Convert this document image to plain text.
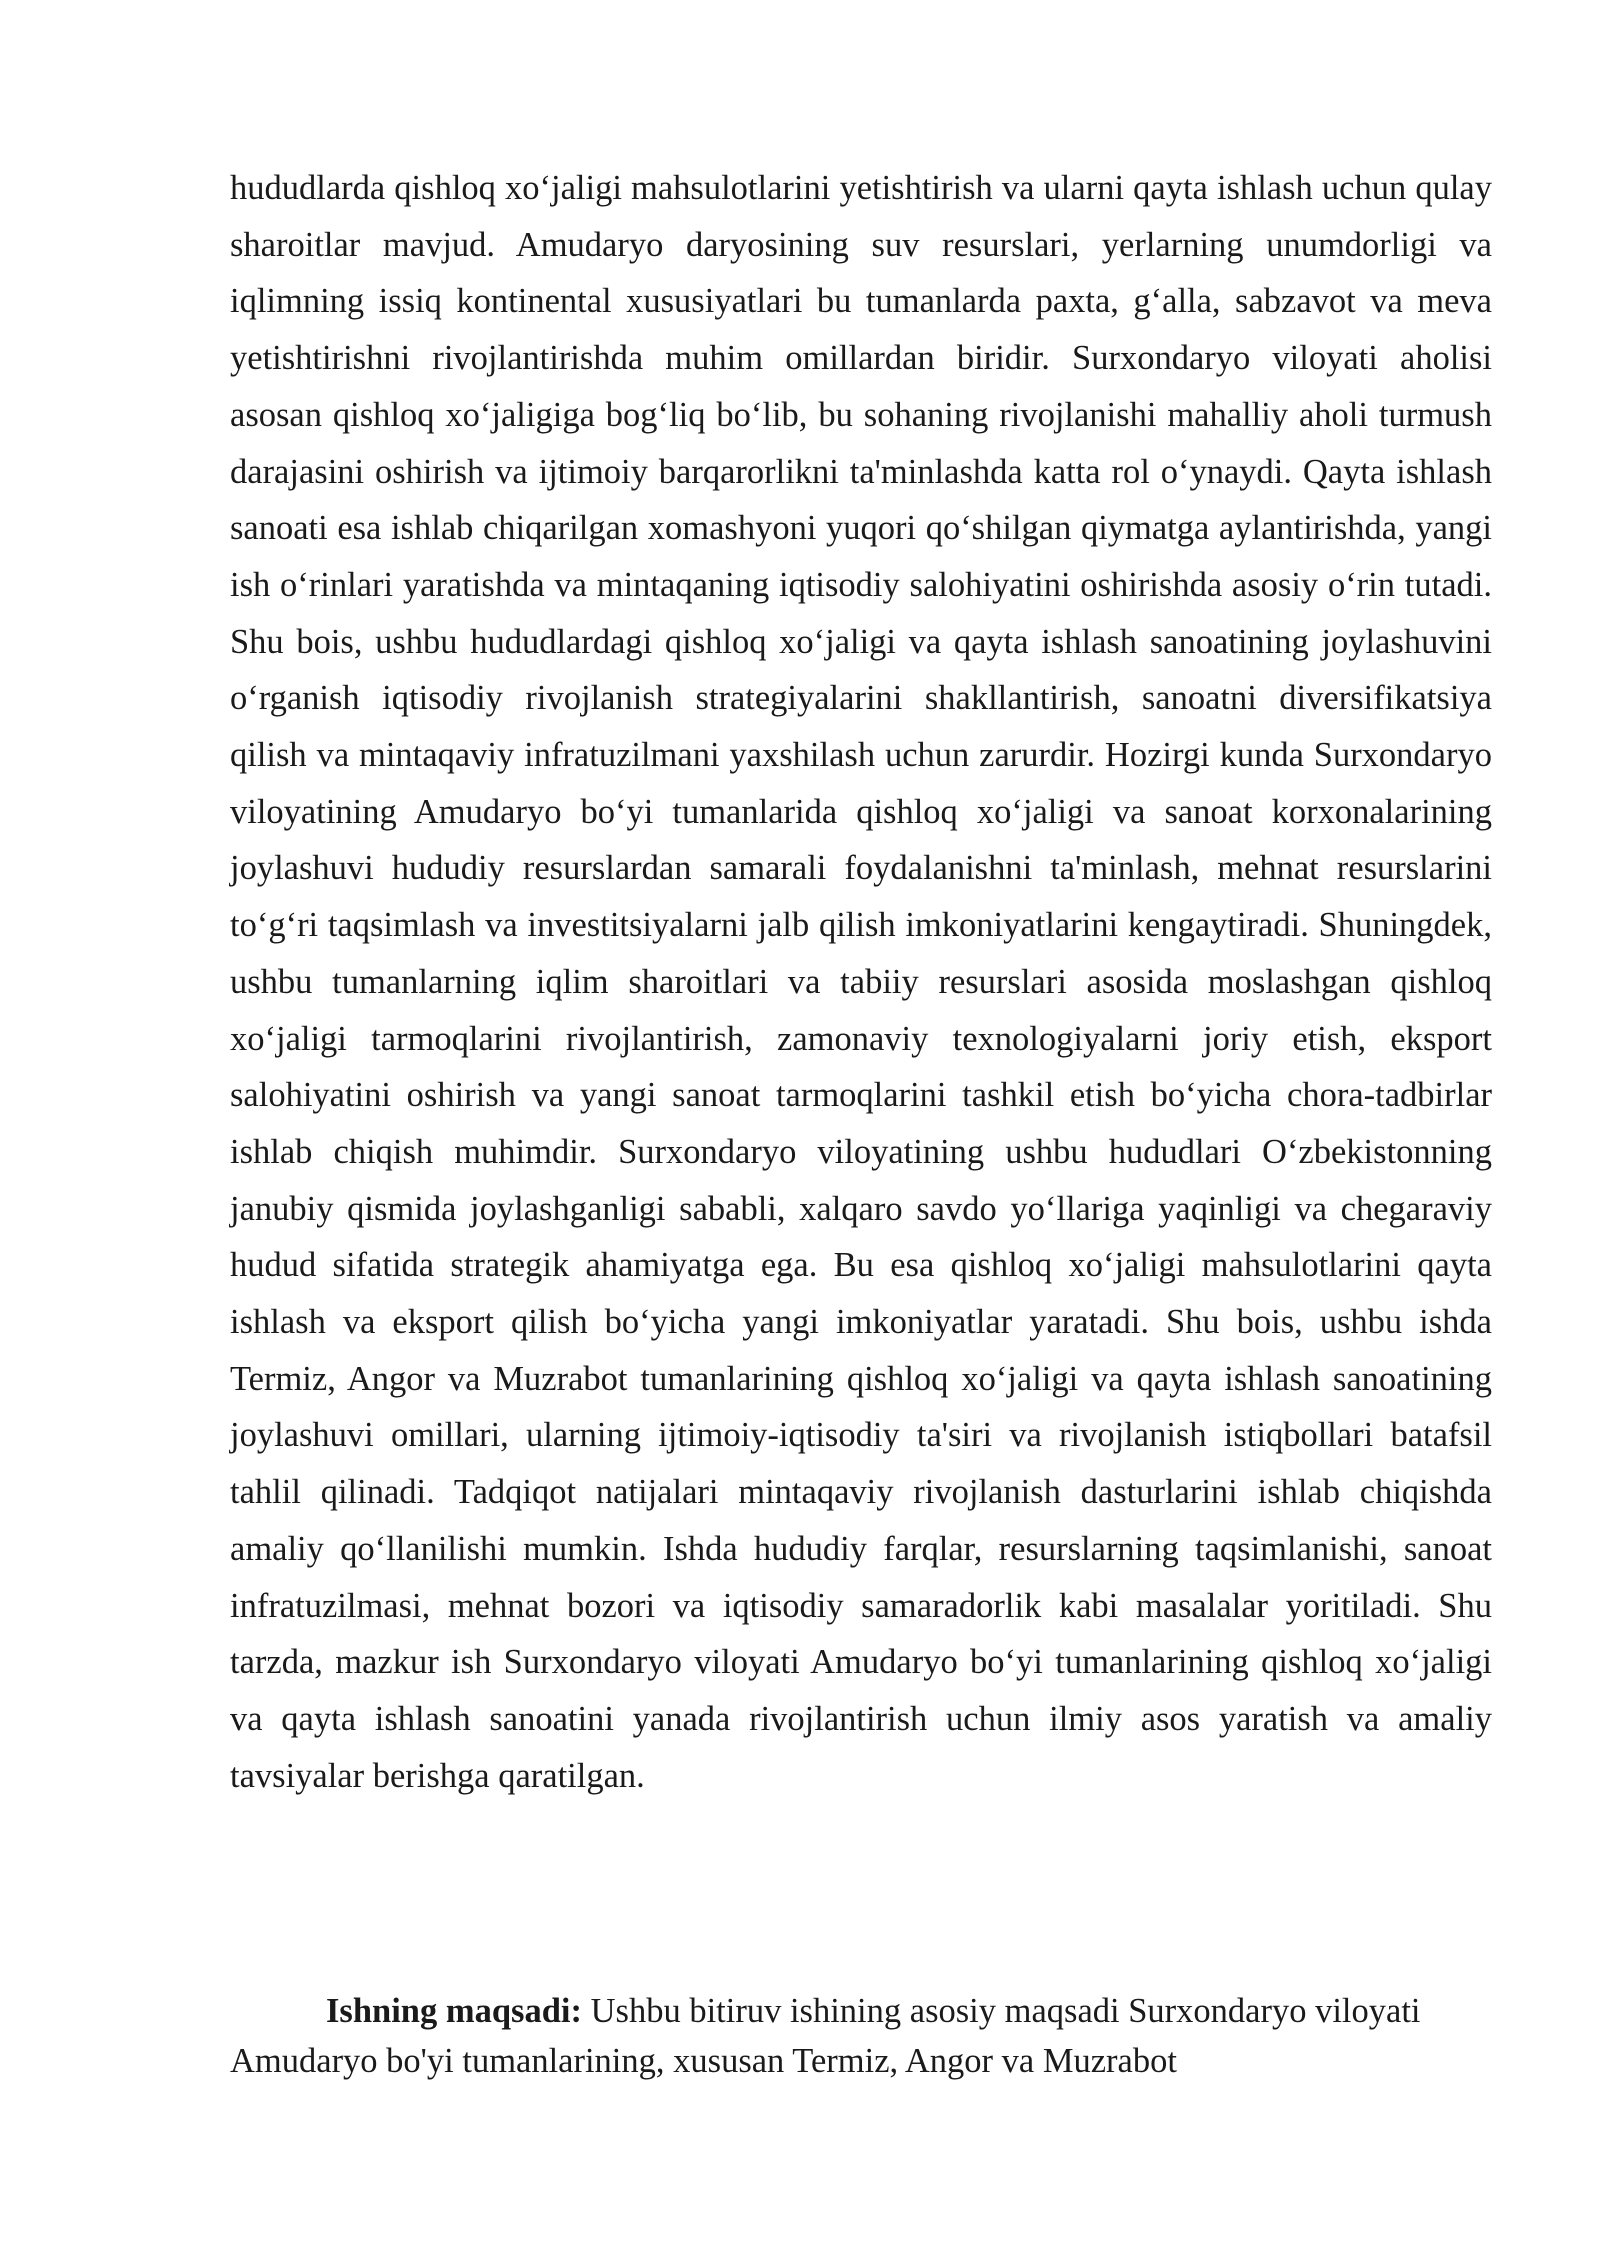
hududlarda qishloq xo‘jaligi mahsulotlarini yetishtirish va ularni qayta ishlash uchun qulay sharoitlar mavjud. Amudaryo daryosining suv resurslari, yerlarning unumdorligi va iqlimning issiq kontinental xususiyatlari bu tumanlarda paxta, g‘alla, sabzavot va meva yetishtirishni rivojlantirishda muhim omillardan biridir. Surxondaryo viloyati aholisi asosan qishloq xo‘jaligiga bog‘liq bo‘lib, bu sohaning rivojlanishi mahalliy aholi turmush darajasini oshirish va ijtimoiy barqarorlikni ta'minlashda katta rol o‘ynaydi. Qayta ishlash sanoati esa ishlab chiqarilgan xomashyoni yuqori qo‘shilgan qiymatga aylantirishda, yangi ish o‘rinlari yaratishda va mintaqaning iqtisodiy salohiyatini oshirishda asosiy o‘rin tutadi. Shu bois, ushbu hududlardagi qishloq xo‘jaligi va qayta ishlash sanoatining joylashuvini o‘rganish iqtisodiy rivojlanish strategiyalarini shakllantirish, sanoatni diversifikatsiya qilish va mintaqaviy infratuzilmani yaxshilash uchun zarurdir. Hozirgi kunda Surxondaryo viloyatining Amudaryo bo‘yi tumanlarida qishloq xo‘jaligi va sanoat korxonalarining joylashuvi hududiy resurslardan samarali foydalanishni ta'minlash, mehnat resurslarini to‘g‘ri taqsimlash va investitsiyalarni jalb qilish imkoniyatlarini kengaytiradi. Shuningdek, ushbu tumanlarning iqlim sharoitlari va tabiiy resurslari asosida moslashgan qishloq xo‘jaligi tarmoqlarini rivojlantirish, zamonaviy texnologiyalarni joriy etish, eksport salohiyatini oshirish va yangi sanoat tarmoqlarini tashkil etish bo‘yicha chora-tadbirlar ishlab chiqish muhimdir. Surxondaryo viloyatining ushbu hududlari O‘zbekistonning janubiy qismida joylashganligi sababli, xalqaro savdo yo‘llariga yaqinligi va chegaraviy hudud sifatida strategik ahamiyatga ega. Bu esa qishloq xo‘jaligi mahsulotlarini qayta ishlash va eksport qilish bo‘yicha yangi imkoniyatlar yaratadi. Shu bois, ushbu ishda Termiz, Angor va Muzrabot tumanlarining qishloq xo‘jaligi va qayta ishlash sanoatining joylashuvi omillari, ularning ijtimoiy-iqtisodiy ta'siri va rivojlanish istiqbollari batafsil tahlil qilinadi. Tadqiqot natijalari mintaqaviy rivojlanish dasturlarini ishlab chiqishda amaliy qo‘llanilishi mumkin. Ishda hududiy farqlar, resurslarning taqsimlanishi, sanoat infratuzilmasi, mehnat bozori va iqtisodiy samaradorlik kabi masalalar yoritiladi. Shu tarzda, mazkur ish Surxondaryo viloyati Amudaryo bo‘yi tumanlarining qishloq xo‘jaligi va qayta ishlash sanoatini yanada rivojlantirish uchun ilmiy asos yaratish va amaliy tavsiyalar berishga qaratilgan.

Ishning maqsadi: Ushbu bitiruv ishining asosiy maqsadi Surxondaryo viloyati Amudaryo bo'yi tumanlarining, xususan Termiz, Angor va Muzrabot
